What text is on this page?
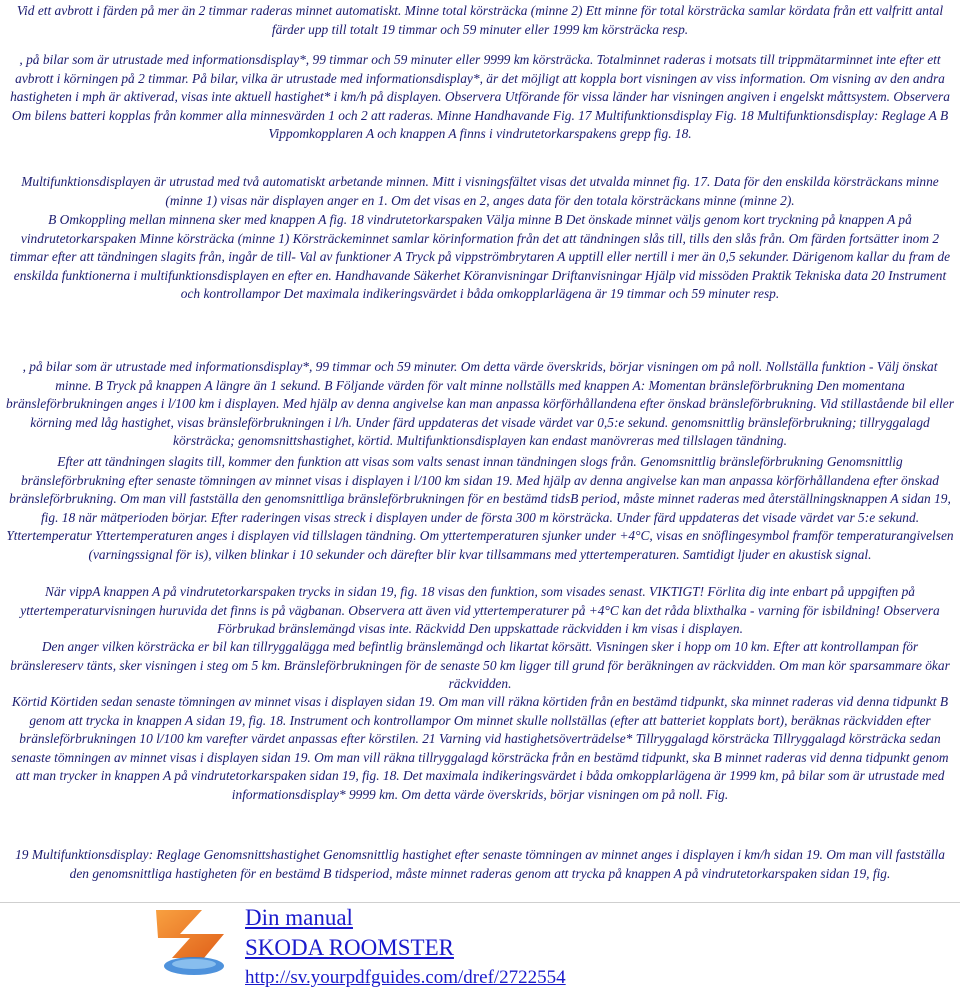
Vid ett avbrott i färden på mer än 2 timmar raderas minnet automatiskt. Minne total körsträcka (minne 2) Ett minne för total körsträcka samlar kördata från ett valfritt antal färder upp till totalt 19 timmar och 59 minuter eller 1999 km körsträcka resp.

, på bilar som är utrustade med informationsdisplay*, 99 timmar och 59 minuter eller 9999 km körsträcka. Totalminnet raderas i motsats till trippmätarminnet inte efter ett avbrott i körningen på 2 timmar. På bilar, vilka är utrustade med informationsdisplay*, är det möjligt att koppla bort visningen av viss information. Om visning av den andra hastigheten i mph är aktiverad, visas inte aktuell hastighet* i km/h på displayen. Observera Utförande för vissa länder har visningen angiven i engelskt måttsystem. Observera Om bilens batteri kopplas från kommer alla minnesvärden 1 och 2 att raderas. Minne Handhavande Fig. 17 Multifunktionsdisplay Fig. 18 Multifunktionsdisplay: Reglage A B Vippomkopplaren A och knappen A finns i vindrutetorkarspakens grepp fig. 18.

Multifunktionsdisplayen är utrustad med två automatiskt arbetande minnen. Mitt i visningsfältet visas det utvalda minnet fig. 17. Data för den enskilda körsträckans minne (minne 1) visas när displayen anger en 1. Om det visas en 2, anges data för den totala körsträckans minne (minne 2).

B Omkoppling mellan minnena sker med knappen A fig. 18 vindrutetorkarspaken Välja minne B Det önskade minnet väljs genom kort tryckning på knappen A på vindrutetorkarspaken Minne körsträcka (minne 1) Körsträckeminnet samlar körinformation från det att tändningen slås till, tills den slås från. Om färden fortsätter inom 2 timmar efter att tändningen slagits från, ingår de till- Val av funktioner A Tryck på vippströmbrytaren A upptill eller nertill i mer än 0,5 sekunder. Därigenom kallar du fram de enskilda funktionerna i multifunktionsdisplayen en efter en. Handhavande Säkerhet Köranvisningar Driftanvisningar Hjälp vid missöden Praktik Tekniska data 20 Instrument och kontrollampor Det maximala indikeringsvärdet i båda omkopplarlägena är 19 timmar och 59 minuter resp.

, på bilar som är utrustade med informationsdisplay*, 99 timmar och 59 minuter. Om detta värde överskrids, börjar visningen om på noll. Nollställa funktion - Välj önskat minne. B Tryck på knappen A längre än 1 sekund. B Följande värden för valt minne nollställs med knappen A: Momentan bränsleförbrukning Den momentana bränsleförbrukningen anges i l/100 km i displayen. Med hjälp av denna angivelse kan man anpassa körförhållandena efter önskad bränsleförbrukning. Vid stillastående bil eller körning med låg hastighet, visas bränsleförbrukningen i l/h. Under färd uppdateras det visade värdet var 0,5:e sekund. genomsnittlig bränsleförbrukning; tillryggalagd körsträcka; genomsnittshastighet, körtid. Multifunktionsdisplayen kan endast manövreras med tillslagen tändning.

Efter att tändningen slagits till, kommer den funktion att visas som valts senast innan tändningen slogs från. Genomsnittlig bränsleförbrukning Genomsnittlig bränsleförbrukning efter senaste tömningen av minnet visas i displayen i l/100 km sidan 19. Med hjälp av denna angivelse kan man anpassa körförhållandena efter önskad bränsleförbrukning. Om man vill fastställa den genomsnittliga bränsleförbrukningen för en bestämd tidsB period, måste minnet raderas med återställningsknappen A sidan 19, fig. 18 när mätperioden börjar. Efter raderingen visas streck i displayen under de första 300 m körsträcka. Under färd uppdateras det visade värdet var 5:e sekund. Yttertemperatur Yttertemperaturen anges i displayen vid tillslagen tändning. Om yttertemperaturen sjunker under +4°C, visas en snöflingesymbol framför temperaturangivelsen (varningssignal för is), vilken blinkar i 10 sekunder och därefter blir kvar tillsammans med yttertemperaturen. Samtidigt ljuder en akustisk signal.

När vippA knappen A på vindrutetorkarspaken trycks in sidan 19, fig. 18 visas den funktion, som visades senast. VIKTIGT! Förlita dig inte enbart på uppgiften på yttertemperaturvisningen huruvida det finns is på vägbanan. Observera att även vid yttertemperaturer på +4°C kan det råda blixthalka - varning för isbildning! Observera Förbrukad bränslemängd visas inte. Räckvidd Den uppskattade räckvidden i km visas i displayen.

Den anger vilken körsträcka er bil kan tillryggalägga med befintlig bränslemängd och likartat körsätt. Visningen sker i hopp om 10 km. Efter att kontrollampan för bränslereserv tänts, sker visningen i steg om 5 km. Bränsleförbrukningen för de senaste 50 km ligger till grund för beräkningen av räckvidden. Om man kör sparsammare ökar räckvidden.

Körtid Körtiden sedan senaste tömningen av minnet visas i displayen sidan 19. Om man vill räkna körtiden från en bestämd tidpunkt, ska minnet raderas vid denna tidpunkt B genom att trycka in knappen A sidan 19, fig. 18. Instrument och kontrollampor Om minnet skulle nollställas (efter att batteriet kopplats bort), beräknas räckvidden efter bränsleförbrukningen 10 l/100 km varefter värdet anpassas efter körstilen. 21 Varning vid hastighetsöverträdelse* Tillryggalagd körsträcka Tillryggalagd körsträcka sedan senaste tömningen av minnet visas i displayen sidan 19. Om man vill räkna tillryggalagd körsträcka från en bestämd tidpunkt, ska B minnet raderas vid denna tidpunkt genom att man trycker in knappen A på vindrutetorkarspaken sidan 19, fig. 18. Det maximala indikeringsvärdet i båda omkopplarlägena är 1999 km, på bilar som är utrustade med informationsdisplay* 9999 km. Om detta värde överskrids, börjar visningen om på noll. Fig.

19 Multifunktionsdisplay: Reglage Genomsnittshastighet Genomsnittlig hastighet efter senaste tömningen av minnet anges i displayen i km/h sidan 19. Om man vill fastställa den genomsnittliga hastigheten för en bestämd B tidsperiod, måste minnet raderas genom att trycka på knappen A på vindrutetorkarspaken sidan 19, fig.

Din manual
SKODA ROOMSTER
http://sv.yourpdfguides.com/dref/2722554
